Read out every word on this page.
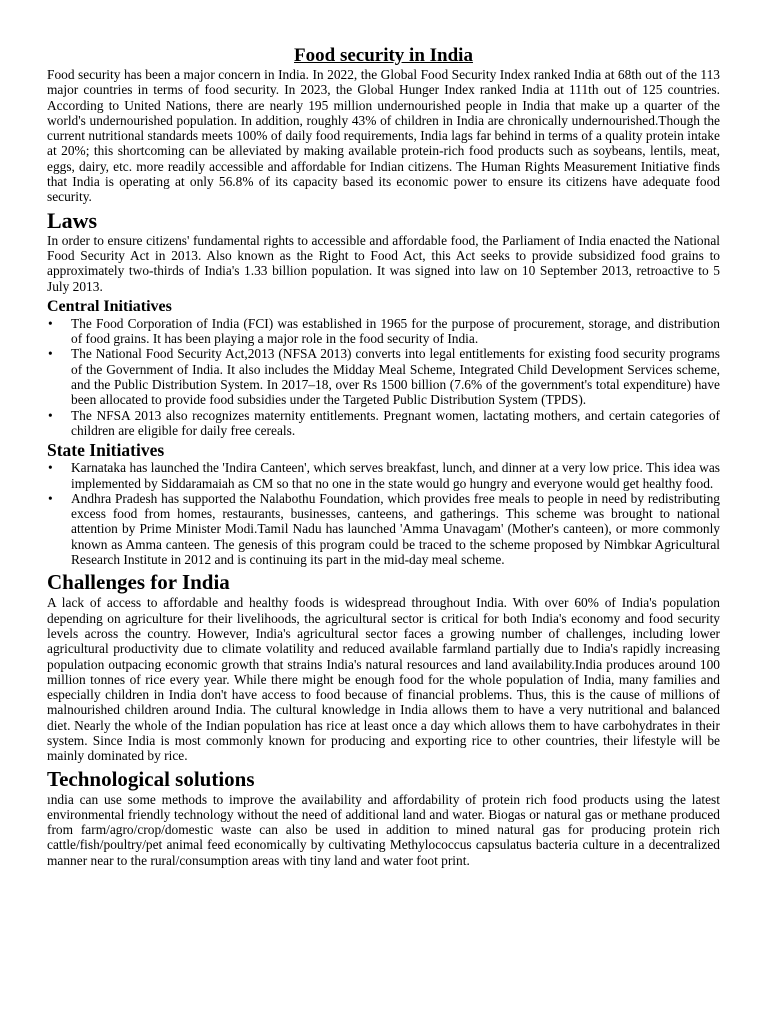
Food security in India

Food security has been a major concern in India. In 2022, the Global Food Security Index ranked India at 68th out of the 113 major countries in terms of food security. In 2023, the Global Hunger Index ranked India at 111th out of 125 countries. According to United Nations, there are nearly 195 million undernourished people in India that make up a quarter of the world's undernourished population. In addition, roughly 43% of children in India are chronically undernourished.Though the current nutritional standards meets 100% of daily food requirements, India lags far behind in terms of a quality protein intake at 20%; this shortcoming can be alleviated by making available protein-rich food products such as soybeans, lentils, meat, eggs, dairy, etc. more readily accessible and affordable for Indian citizens. The Human Rights Measurement Initiative finds that India is operating at only 56.8% of its capacity based its economic power to ensure its citizens have adequate food security.

Laws

In order to ensure citizens' fundamental rights to accessible and affordable food, the Parliament of India enacted the National Food Security Act in 2013. Also known as the Right to Food Act, this Act seeks to provide subsidized food grains to approximately two-thirds of India's 1.33 billion population. It was signed into law on 10 September 2013, retroactive to 5 July 2013.

Central Initiatives
• The Food Corporation of India (FCI) was established in 1965 for the purpose of procurement, storage, and distribution of food grains. It has been playing a major role in the food security of India.
• The National Food Security Act,2013 (NFSA 2013) converts into legal entitlements for existing food security programs of the Government of India. It also includes the Midday Meal Scheme, Integrated Child Development Services scheme, and the Public Distribution System. In 2017–18, over Rs 1500 billion (7.6% of the government's total expenditure) have been allocated to provide food subsidies under the Targeted Public Distribution System (TPDS).
• The NFSA 2013 also recognizes maternity entitlements. Pregnant women, lactating mothers, and certain categories of children are eligible for daily free cereals.
State Initiatives
• Karnataka has launched the 'Indira Canteen', which serves breakfast, lunch, and dinner at a very low price. This idea was implemented by Siddaramaiah as CM so that no one in the state would go hungry and everyone would get healthy food.
• Andhra Pradesh has supported the Nalabothu Foundation, which provides free meals to people in need by redistributing excess food from homes, restaurants, businesses, canteens, and gatherings. This scheme was brought to national attention by Prime Minister Modi.Tamil Nadu has launched 'Amma Unavagam' (Mother's canteen), or more commonly known as Amma canteen. The genesis of this program could be traced to the scheme proposed by Nimbkar Agricultural Research Institute in 2012 and is continuing its part in the mid-day meal scheme.
Challenges for India

A lack of access to affordable and healthy foods is widespread throughout India. With over 60% of India's population depending on agriculture for their livelihoods, the agricultural sector is critical for both India's economy and food security levels across the country. However, India's agricultural sector faces a growing number of challenges, including lower agricultural productivity due to climate volatility and reduced available farmland partially due to India's rapidly increasing population outpacing economic growth that strains India's natural resources and land availability.India produces around 100 million tonnes of rice every year. While there might be enough food for the whole population of India, many families and especially children in India don't have access to food because of financial problems. Thus, this is the cause of millions of malnourished children around India. The cultural knowledge in India allows them to have a very nutritional and balanced diet. Nearly the whole of the Indian population has rice at least once a day which allows them to have carbohydrates in their system. Since India is most commonly known for producing and exporting rice to other countries, their lifestyle will be mainly dominated by rice.

Technological solutions

ındia can use some methods to improve the availability and affordability of protein rich food products using the latest environmental friendly technology without the need of additional land and water. Biogas or natural gas or methane produced from farm/agro/crop/domestic waste can also be used in addition to mined natural gas for producing protein rich cattle/fish/poultry/pet animal feed economically by cultivating Methylococcus capsulatus bacteria culture in a decentralized manner near to the rural/consumption areas with tiny land and water foot print.
